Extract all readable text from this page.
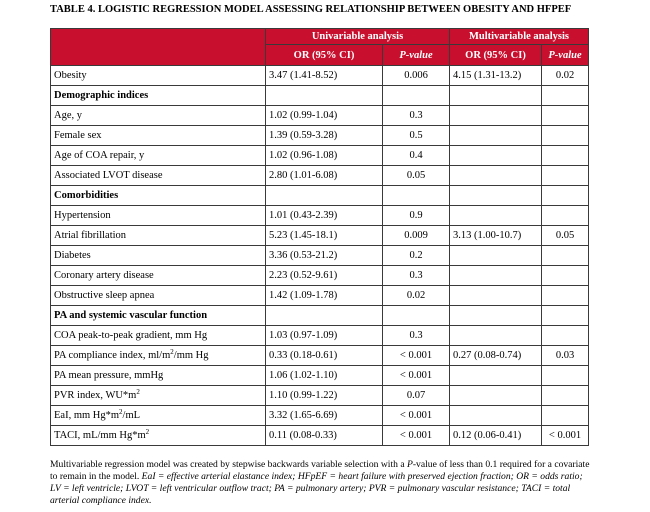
TABLE 4. LOGISTIC REGRESSION MODEL ASSESSING RELATIONSHIP BETWEEN OBESITY AND HFPEF
	Univariable analysis		Multivariable analysis	
	OR (95% CI)	P-value	OR (95% CI)	P-value
Obesity	3.47 (1.41-8.52)	0.006	4.15 (1.31-13.2)	0.02
Demographic indices				
Age, y	1.02 (0.99-1.04)	0.3		
Female sex	1.39 (0.59-3.28)	0.5		
Age of COA repair, y	1.02 (0.96-1.08)	0.4		
Associated LVOT disease	2.80 (1.01-6.08)	0.05		
Comorbidities				
Hypertension	1.01 (0.43-2.39)	0.9		
Atrial fibrillation	5.23 (1.45-18.1)	0.009	3.13 (1.00-10.7)	0.05
Diabetes	3.36 (0.53-21.2)	0.2		
Coronary artery disease	2.23 (0.52-9.61)	0.3		
Obstructive sleep apnea	1.42 (1.09-1.78)	0.02		
PA and systemic vascular function				
COA peak-to-peak gradient, mm Hg	1.03 (0.97-1.09)	0.3		
PA compliance index, $ml/m^2/mm$ Hg	0.33 (0.18-0.61)	< 0.001	0.27 (0.08-0.74)	0.03
PA mean pressure, mmHg	1.06 (1.02-1.10)	< 0.001		
PVR index, $WU*m^2$	1.10 (0.99-1.22)	0.07		
EaI, mm $Hg*m^2/mL$	3.32 (1.65-6.69)	< 0.001		
TACI, mL/mm $Hg*m^2$	0.11 (0.08-0.33)	< 0.001	0.12 (0.06-0.41)	< 0.001
Multivariable regression model was created by stepwise backwards variable selection with a P-value of less than 0.1 required for a covariate to remain in the model. EaI = effective arterial elastance index; HFpEF = heart failure with preserved ejection fraction; OR = odds ratio; LV = left ventricle; LVOT = left ventricular outflow tract; PA = pulmonary artery; PVR = pulmonary vascular resistance; TACI = total arterial compliance index.
